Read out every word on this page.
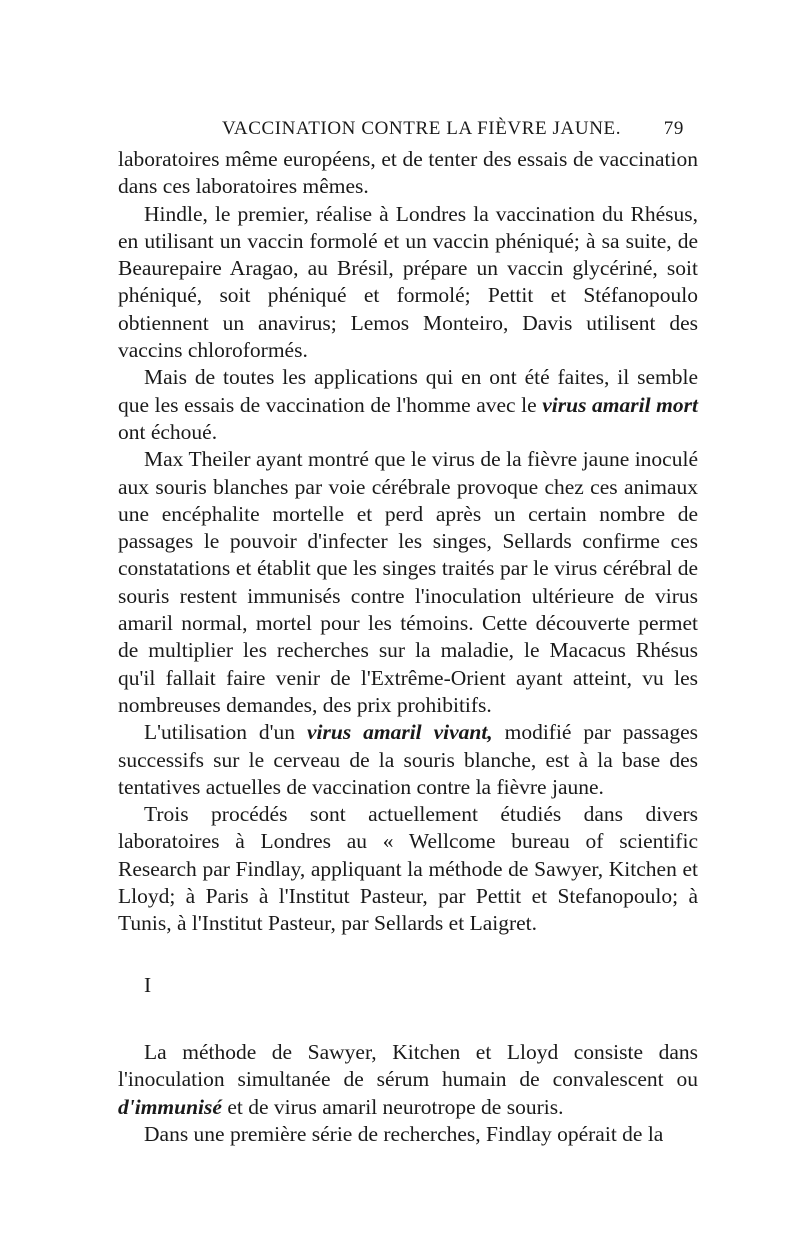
VACCINATION CONTRE LA FIÈVRE JAUNE. 79

laboratoires même européens, et de tenter des essais de vaccination dans ces laboratoires mêmes.

Hindle, le premier, réalise à Londres la vaccination du Rhésus, en utilisant un vaccin formolé et un vaccin phéniqué; à sa suite, de Beaurepaire Aragao, au Brésil, prépare un vaccin glycériné, soit phéniqué, soit phéniqué et formolé; Pettit et Stéfanopoulo obtiennent un anavirus; Lemos Monteiro, Davis utilisent des vaccins chloroformés.

Mais de toutes les applications qui en ont été faites, il semble que les essais de vaccination de l'homme avec le virus amaril mort ont échoué.

Max Theiler ayant montré que le virus de la fièvre jaune inoculé aux souris blanches par voie cérébrale provoque chez ces animaux une encéphalite mortelle et perd après un certain nombre de passages le pouvoir d'infecter les singes, Sellards confirme ces constatations et établit que les singes traités par le virus cérébral de souris restent immunisés contre l'inoculation ultérieure de virus amaril normal, mortel pour les témoins. Cette découverte permet de multiplier les recherches sur la maladie, le Macacus Rhésus qu'il fallait faire venir de l'Extrême-Orient ayant atteint, vu les nombreuses demandes, des prix prohibitifs.

L'utilisation d'un virus amaril vivant, modifié par passages successifs sur le cerveau de la souris blanche, est à la base des tentatives actuelles de vaccination contre la fièvre jaune.

Trois procédés sont actuellement étudiés dans divers laboratoires à Londres au « Wellcome bureau of scientific Research par Findlay, appliquant la méthode de Sawyer, Kitchen et Lloyd; à Paris à l'Institut Pasteur, par Pettit et Stefanopoulo; à Tunis, à l'Institut Pasteur, par Sellards et Laigret.

I

La méthode de Sawyer, Kitchen et Lloyd consiste dans l'inoculation simultanée de sérum humain de convalescent ou d'immunisé et de virus amaril neurotrope de souris.

Dans une première série de recherches, Findlay opérait de la
